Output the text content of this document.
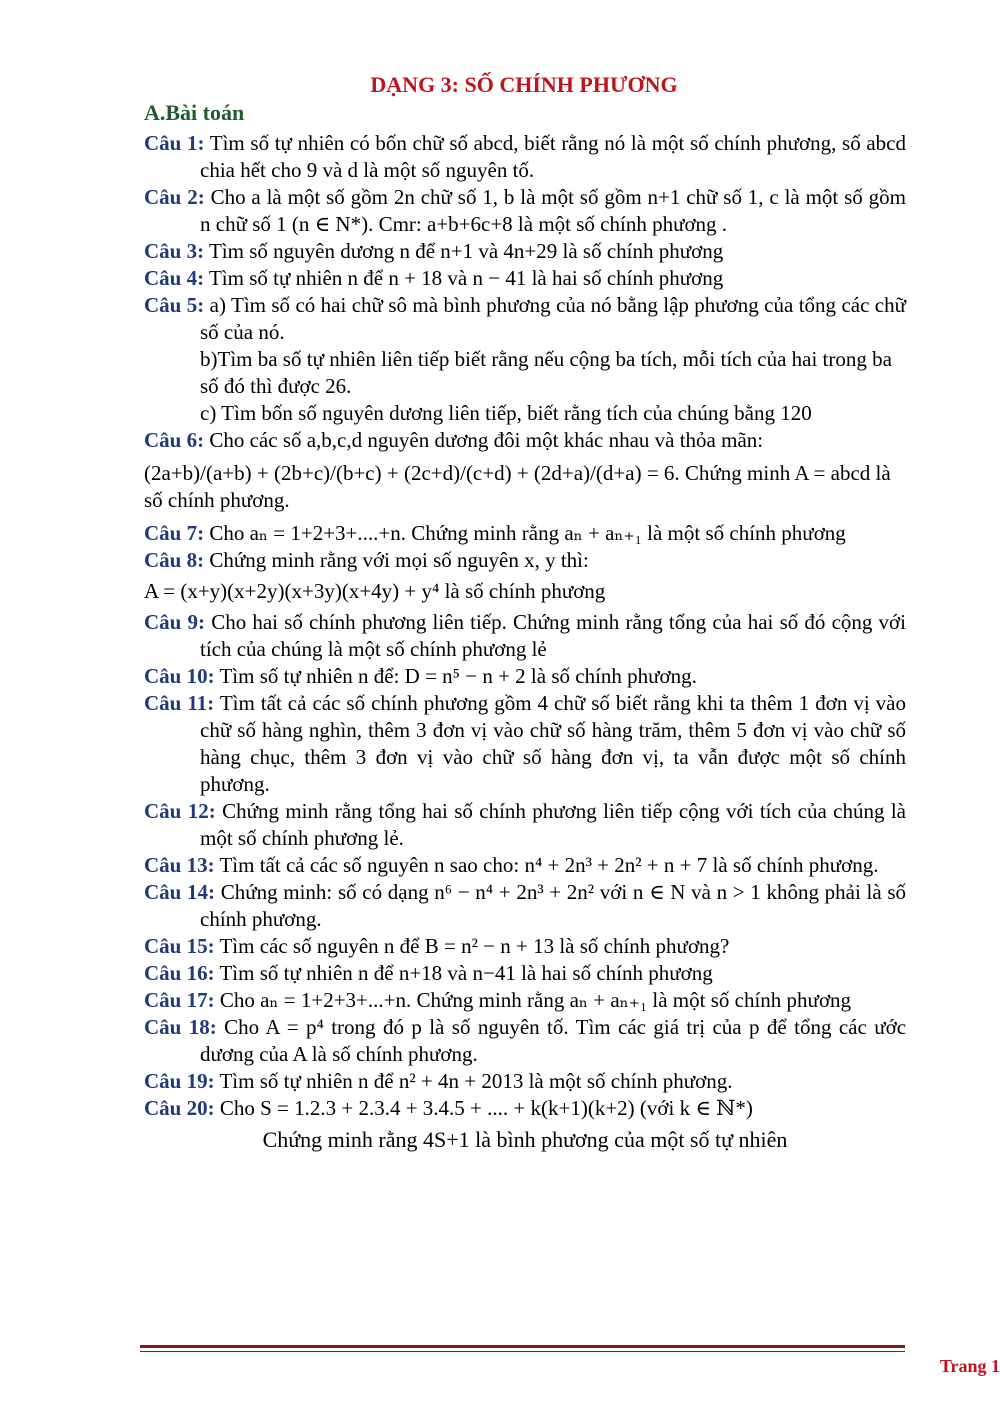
DẠNG 3: SỐ CHÍNH PHƯƠNG
A.Bài toán

Câu 1: Tìm số tự nhiên có bốn chữ số abcd, biết rằng nó là một số chính phương, số abcd chia hết cho 9 và d là một số nguyên tố.

Câu 2: Cho a là một số gồm 2n chữ số 1, b là một số gồm n+1 chữ số 1, c là một số gồm n chữ số 1 (n ∈ N*). Cmr: a+b+6c+8 là một số chính phương .

Câu 3: Tìm số nguyên dương n để n+1 và 4n+29 là số chính phương

Câu 4: Tìm số tự nhiên n để n + 18 và n − 41 là hai số chính phương

Câu 5: a) Tìm số có hai chữ sô mà bình phương của nó bằng lập phương của tổng các chữ số của nó.

b)Tìm ba số tự nhiên liên tiếp biết rằng nếu cộng ba tích, mỗi tích của hai trong ba số đó thì được 26.

c) Tìm bốn số nguyên dương liên tiếp, biết rằng tích của chúng bằng 120

Câu 6: Cho các số a,b,c,d nguyên dương đôi một khác nhau và thỏa mãn:

(2a+b)/(a+b) + (2b+c)/(b+c) + (2c+d)/(c+d) + (2d+a)/(d+a) = 6. Chứng minh A = abcd là số chính phương.

Câu 7: Cho aₙ = 1+2+3+....+n. Chứng minh rằng aₙ + aₙ₊₁ là một số chính phương

Câu 8: Chứng minh rằng với mọi số nguyên x, y thì:

A = (x+y)(x+2y)(x+3y)(x+4y) + y⁴ là số chính phương

Câu 9: Cho hai số chính phương liên tiếp. Chứng minh rằng tổng của hai số đó cộng với tích của chúng là một số chính phương lẻ

Câu 10: Tìm số tự nhiên n để: D = n⁵ − n + 2 là số chính phương.

Câu 11: Tìm tất cả các số chính phương gồm 4 chữ số biết rằng khi ta thêm 1 đơn vị vào chữ số hàng nghìn, thêm 3 đơn vị vào chữ số hàng trăm, thêm 5 đơn vị vào chữ số hàng chục, thêm 3 đơn vị vào chữ số hàng đơn vị, ta vẫn được một số chính phương.

Câu 12: Chứng minh rằng tổng hai số chính phương liên tiếp cộng với tích của chúng là một số chính phương lẻ.

Câu 13: Tìm tất cả các số nguyên n sao cho: n⁴ + 2n³ + 2n² + n + 7 là số chính phương.

Câu 14: Chứng minh: số có dạng n⁶ − n⁴ + 2n³ + 2n² với n ∈ N và n > 1 không phải là số chính phương.

Câu 15: Tìm các số nguyên n để B = n² − n + 13 là số chính phương?

Câu 16: Tìm số tự nhiên n để n+18 và n−41 là hai số chính phương

Câu 17: Cho aₙ = 1+2+3+...+n. Chứng minh rằng aₙ + aₙ₊₁ là một số chính phương

Câu 18: Cho A = p⁴ trong đó p là số nguyên tố. Tìm các giá trị của p để tổng các ước dương của A là số chính phương.

Câu 19: Tìm số tự nhiên n để n² + 4n + 2013 là một số chính phương.

Câu 20: Cho S = 1.2.3 + 2.3.4 + 3.4.5 + .... + k(k+1)(k+2) (với k ∈ ℕ*)

Chứng minh rằng 4S+1 là bình phương của một số tự nhiên

Trang 1
